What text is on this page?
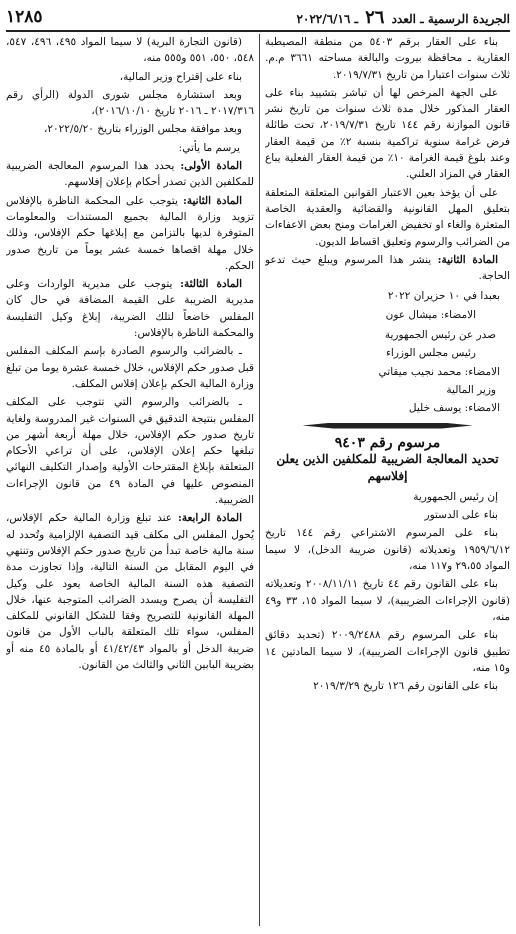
الجريدة الرسمية ـ العدد ٢٦ ـ ٢٠٢٢/٦/١٦
١٢٨٥

بناء على العقار برقم ٥٤٠٣ من منطقة المصيطبة العقارية ـ محافظة بيروت والبالغة مساحته ٣٦٦١ م.م. ثلاث سنوات اعتبارا من تاريخ ٢٠١٩/٧/٣١.

على الجهة المرخص لها أن تباشر بتشييد بناء على العقار المذكور خلال مدة ثلاث سنوات من تاريخ نشر قانون الموازنة رقم ١٤٤ تاريخ ٢٠١٩/٧/٣١، تحت طائلة فرض غرامة سنوية تراكمية بنسبة ٢٪ من قيمة العقار وعند بلوغ قيمة الغرامة ١٠٪ من قيمة العقار الفعلية يباع العقار في المزاد العلني.

على أن يؤخذ بعين الاعتبار القوانين المتعلقة المتعلقة بتعليق المهل القانونية والقضائية والعقدية الخاصة المتعثرة والغاء او تخفيض الغرامات ومنح بعض الاعفاءات من الضرائب والرسوم وتعليق اقساط الديون.

المادة الثانية: ينشر هذا المرسوم ويبلغ حيث تدعو الحاجة.

بعبدا في ١٠ حزيران ٢٠٢٢

الامضاء: ميشال عون

صدر عن رئيس الجمهورية

رئيس مجلس الوزراء

الامضاء: محمد نجيب ميقاتي

وزير المالية

الامضاء: يوسف خليل

مرسوم رقم ٩٤٠٣

تحديد المعالجة الضريبية للمكلفين الذين يعلن إفلاسهم

إن رئيس الجمهورية

بناء على الدستور

بناء على المرسوم الاشتراعي رقم ١٤٤ تاريخ ١٩٥٩/٦/١٢ وتعديلاته (قانون ضريبة الدخل)، لا سيما المواد ٢٩،٥٥ و١١٧ منه،

بناء على القانون رقم ٤٤ تاريخ ٢٠٠٨/١١/١١ وتعديلاته (قانون الإجراءات الضريبية)، لا سيما المواد ١٥، ٣٣ و٤٩ منه،

بناء على المرسوم رقم ٢٠٠٩/٢٤٨٨ (تحديد دقائق تطبيق قانون الإجراءات الضريبية)، لا سيما المادتين ١٤ و١٥ منه،

بناء على القانون رقم ١٢٦ تاريخ ٢٠١٩/٣/٢٩

(قانون التجارة البرية) لا سيما المواد ٤٩٥، ٤٩٦، ٥٤٧، ٥٤٨، ٥٥٠، ٥٥١ و٥٥٥ منه،

بناء على إقتراح وزير المالية،

وبعد استشارة مجلس شورى الدولة (الرأي رقم ٢٠١٧/٣١٦ ـ ٢٠١٦ تاريخ ٢٠١٦/١٠/١٠)،

وبعد موافقة مجلس الوزراء بتاريخ ٢٠٢٢/٥/٢٠،

يرسم ما يأتي:

المادة الأولى: يحدد هذا المرسوم المعالجة الضريبية للمكلفين الذين تصدر أحكام بإعلان إفلاسهم.

المادة الثانية: يتوجب على المحكمة الناظرة بالإفلاس تزويد وزارة المالية بجميع المستندات والمعلومات المتوفرة لديها بالتزامن مع إبلاغها حكم الإفلاس، وذلك خلال مهلة اقصاها خمسة عشر يوماً من تاريخ صدور الحكم.

المادة الثالثة: يتوجب على مديرية الواردات وعلى مديرية الضريبة على القيمة المضافة في حال كان المفلس خاضعاً لتلك الضريبة، إبلاغ وكيل التفليسة والمحكمة الناظرة بالإفلاس:

ـ بالضرائب والرسوم الصادرة بإسم المكلف المفلس قبل صدور حكم الإفلاس، خلال خمسة عشرة يوما من تبلغ وزارة المالية الحكم بإعلان إفلاس المكلف.

ـ بالضرائب والرسوم التي تتوجب على المكلف المفلس بنتيجة التدقيق في السنوات غير المدروسة ولغاية تاريخ صدور حكم الإفلاس، خلال مهلة أربعة أشهر من تبلغها حكم إعلان الإفلاس، على أن تراعي الأحكام المتعلقة بإبلاغ المقترحات الأولية وإصدار التكليف النهائي المنصوص عليها في المادة ٤٩ من قانون الإجراءات الضريبية.

المادة الرابعة: عند تبلغ وزارة المالية حكم الإفلاس، يُحول المفلس الى مكلف قيد التصفية الإلزامية وتُحدد له سنة مالية خاصة تبدأ من تاريخ صدور حكم الإفلاس وتنتهي في اليوم المقابل من السنة التالية، وإذا تجاوزت مدة التصفية هذه السنة المالية الخاصة يعود على وكيل التفليسة أن يصرح ويسدد الضرائب المتوجبة عنها، خلال المهلة القانونية للتصريح وفقا للشكل القانوني للمكلف المفلس، سواء تلك المتعلقة بالباب الأول من قانون ضريبة الدخل أو بالمواد ٤١/٤٢/٤٣ أو بالمادة ٤٥ منه أو بضريبة البابين الثاني والثالث من القانون.
